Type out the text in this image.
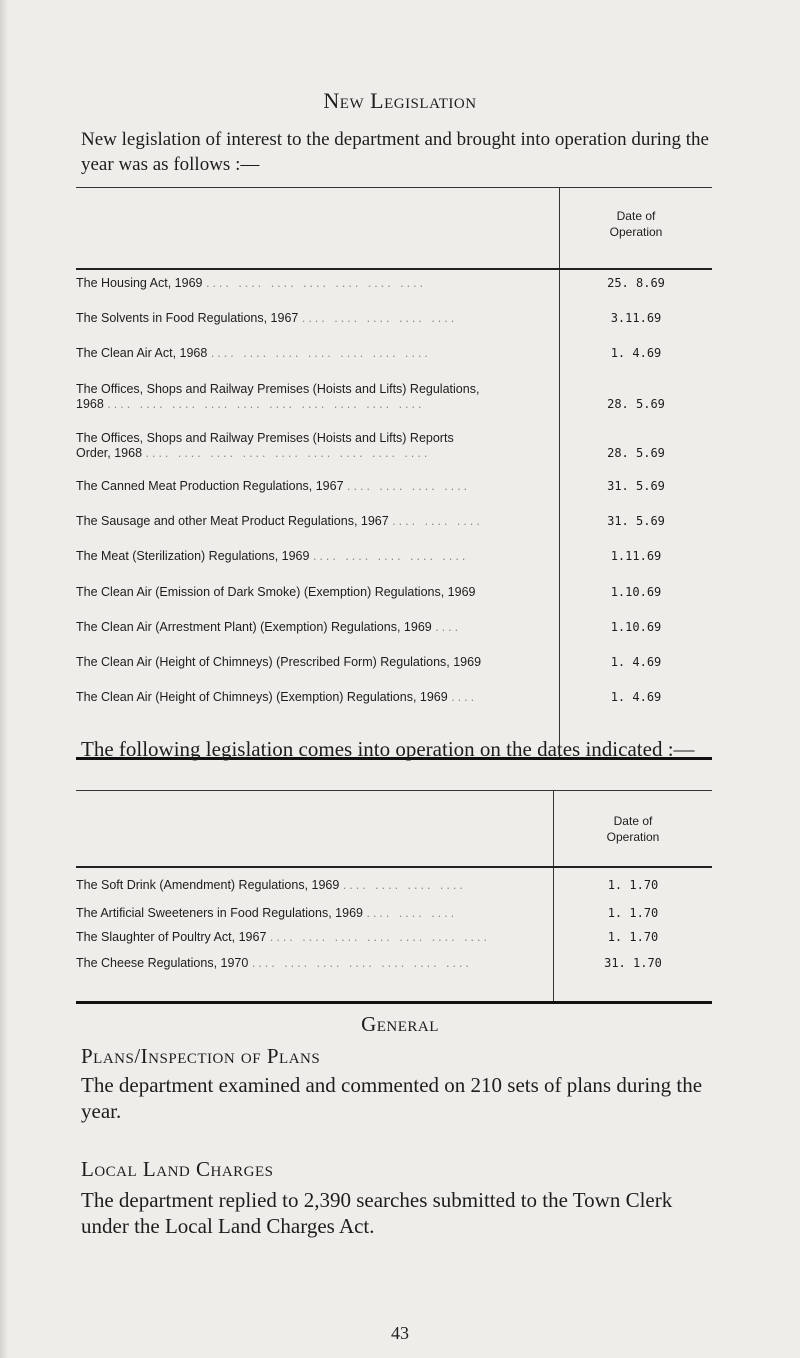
New Legislation
New legislation of interest to the department and brought into operation during the year was as follows :—
Date of
Operation
The Housing Act, 1969 .... .... .... .... .... .... ....	25. 8.69
The Solvents in Food Regulations, 1967 .... .... .... .... ....	3.11.69
The Clean Air Act, 1968 .... .... .... .... .... .... ....	1. 4.69
The Offices, Shops and Railway Premises (Hoists and Lifts) Regulations,
1968 .... .... .... .... .... .... .... .... .... ....	28. 5.69
The Offices, Shops and Railway Premises (Hoists and Lifts) Reports
Order, 1968 .... .... .... .... .... .... .... .... ....	28. 5.69
The Canned Meat Production Regulations, 1967 .... .... .... ....	31. 5.69
The Sausage and other Meat Product Regulations, 1967 .... .... ....	31. 5.69
The Meat (Sterilization) Regulations, 1969 .... .... .... .... ....	1.11.69
The Clean Air (Emission of Dark Smoke) (Exemption) Regulations, 1969	1.10.69
The Clean Air (Arrestment Plant) (Exemption) Regulations, 1969 ....	1.10.69
The Clean Air (Height of Chimneys) (Prescribed Form) Regulations, 1969	1. 4.69
The Clean Air (Height of Chimneys) (Exemption) Regulations, 1969 ....	1. 4.69
The following legislation comes into operation on the dates indicated :—
Date of
Operation
The Soft Drink (Amendment) Regulations, 1969 .... .... .... ....	1. 1.70
The Artificial Sweeteners in Food Regulations, 1969 .... .... ....	1. 1.70
The Slaughter of Poultry Act, 1967 .... .... .... .... .... .... ....	1. 1.70
The Cheese Regulations, 1970 .... .... .... .... .... .... ....	31. 1.70
General
Plans/Inspection of Plans
The department examined and commented on 210 sets of plans during the year.
Local Land Charges
The department replied to 2,390 searches submitted to the Town Clerk under the Local Land Charges Act.
43
